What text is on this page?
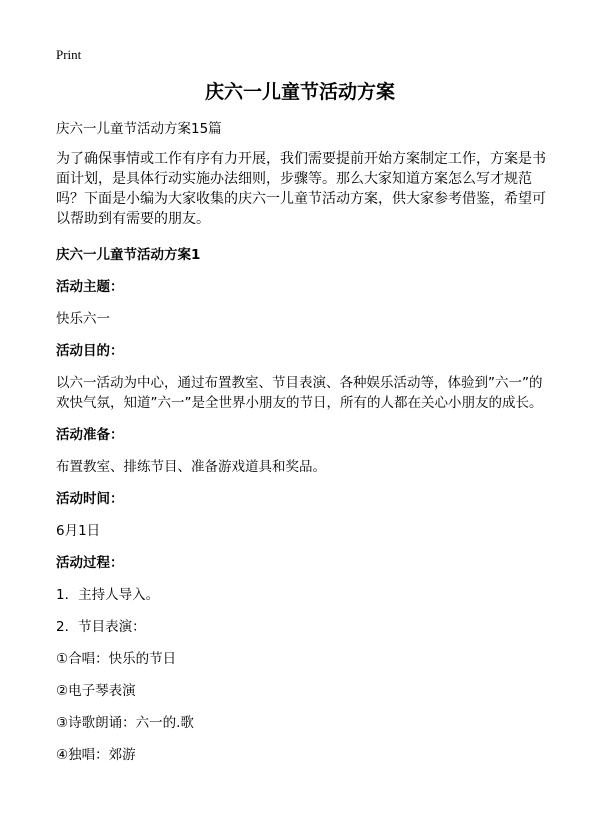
Print
庆六一儿童节活动方案
庆六一儿童节活动方案15篇
为了确保事情或工作有序有力开展，我们需要提前开始方案制定工作，方案是书面计划，是具体行动实施办法细则，步骤等。那么大家知道方案怎么写才规范吗？下面是小编为大家收集的庆六一儿童节活动方案，供大家参考借鉴，希望可以帮助到有需要的朋友。
庆六一儿童节活动方案1
活动主题：
快乐六一
活动目的：
以六一活动为中心，通过布置教室、节目表演、各种娱乐活动等，体验到”六一”的欢快气氛，知道”六一”是全世界小朋友的节日，所有的人都在关心小朋友的成长。
活动准备：
布置教室、排练节目、准备游戏道具和奖品。
活动时间：
6月1日
活动过程：
1．主持人导入。
2．节目表演：
①合唱：快乐的节日
②电子琴表演
③诗歌朗诵：六一的.歌
④独唱：郊游
